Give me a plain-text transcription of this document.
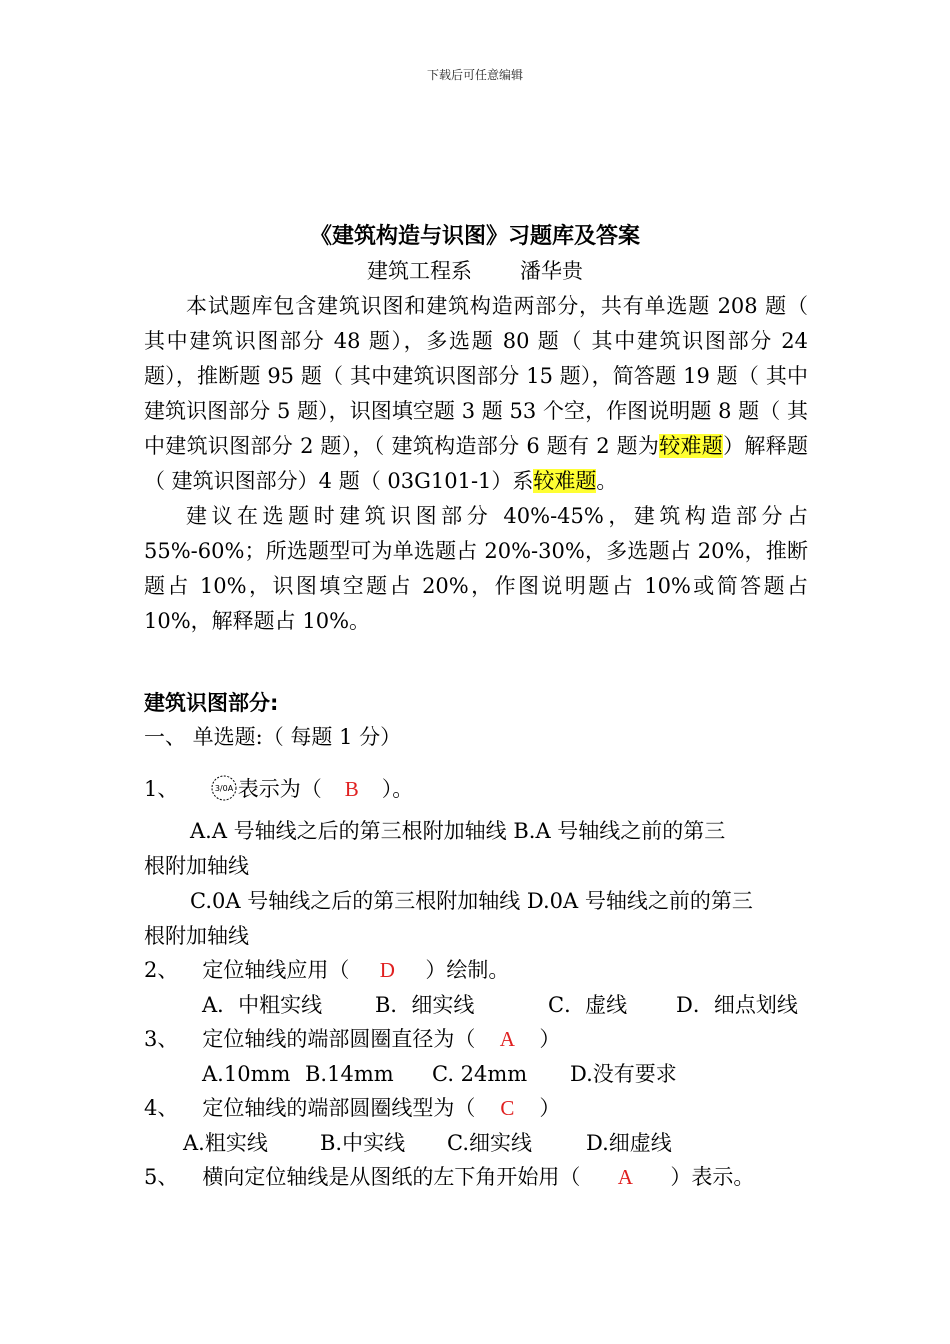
下载后可任意编辑
《建筑构造与识图》习题库及答案
建筑工程系 潘华贵

本试题库包含建筑识图和建筑构造两部分，共有单选题 208 题（ 其中建筑识图部分 48 题），多选题 80 题（ 其中建筑识图部分 24 题），推断题 95 题（ 其中建筑识图部分 15 题），简答题 19 题（ 其中建筑识图部分 5 题），识图填空题 3 题 53 个空，作图说明题 8 题（ 其中建筑识图部分 2 题），（ 建筑构造部分 6 题有 2 题为较难题）解释题（ 建筑识图部分）4 题（ 03G101-1）系较难题。

建议在选题时建筑识图部分 40%-45%，建筑构造部分占 55%-60%；所选题型可为单选题占 20%-30%，多选题占 20%，推断题占 10%，识图填空题占 20%，作图说明题占 10%或简答题占 10%，解释题占 10%。

建筑识图部分:
一、 单选题:（ 每题 1 分）
1、	3/0A 表示为（ B ）。
A.A 号轴线之后的第三根附加轴线 B.A 号轴线之前的第三
根附加轴线
C.0A 号轴线之后的第三根附加轴线 D.0A 号轴线之前的第三
根附加轴线
2、 定位轴线应用（ D ）绘制。
A．中粗实线	B．细实线	C．虚线 D．细点划线
3、 定位轴线的端部圆圈直径为（ A ）
A.10mm B.14mm C. 24mm D.没有要求
4、 定位轴线的端部圆圈线型为（ C ）
A.粗实线 B.中实线 C.细实线	D.细虚线
5、 横向定位轴线是从图纸的左下角开始用（ A ）表示。
